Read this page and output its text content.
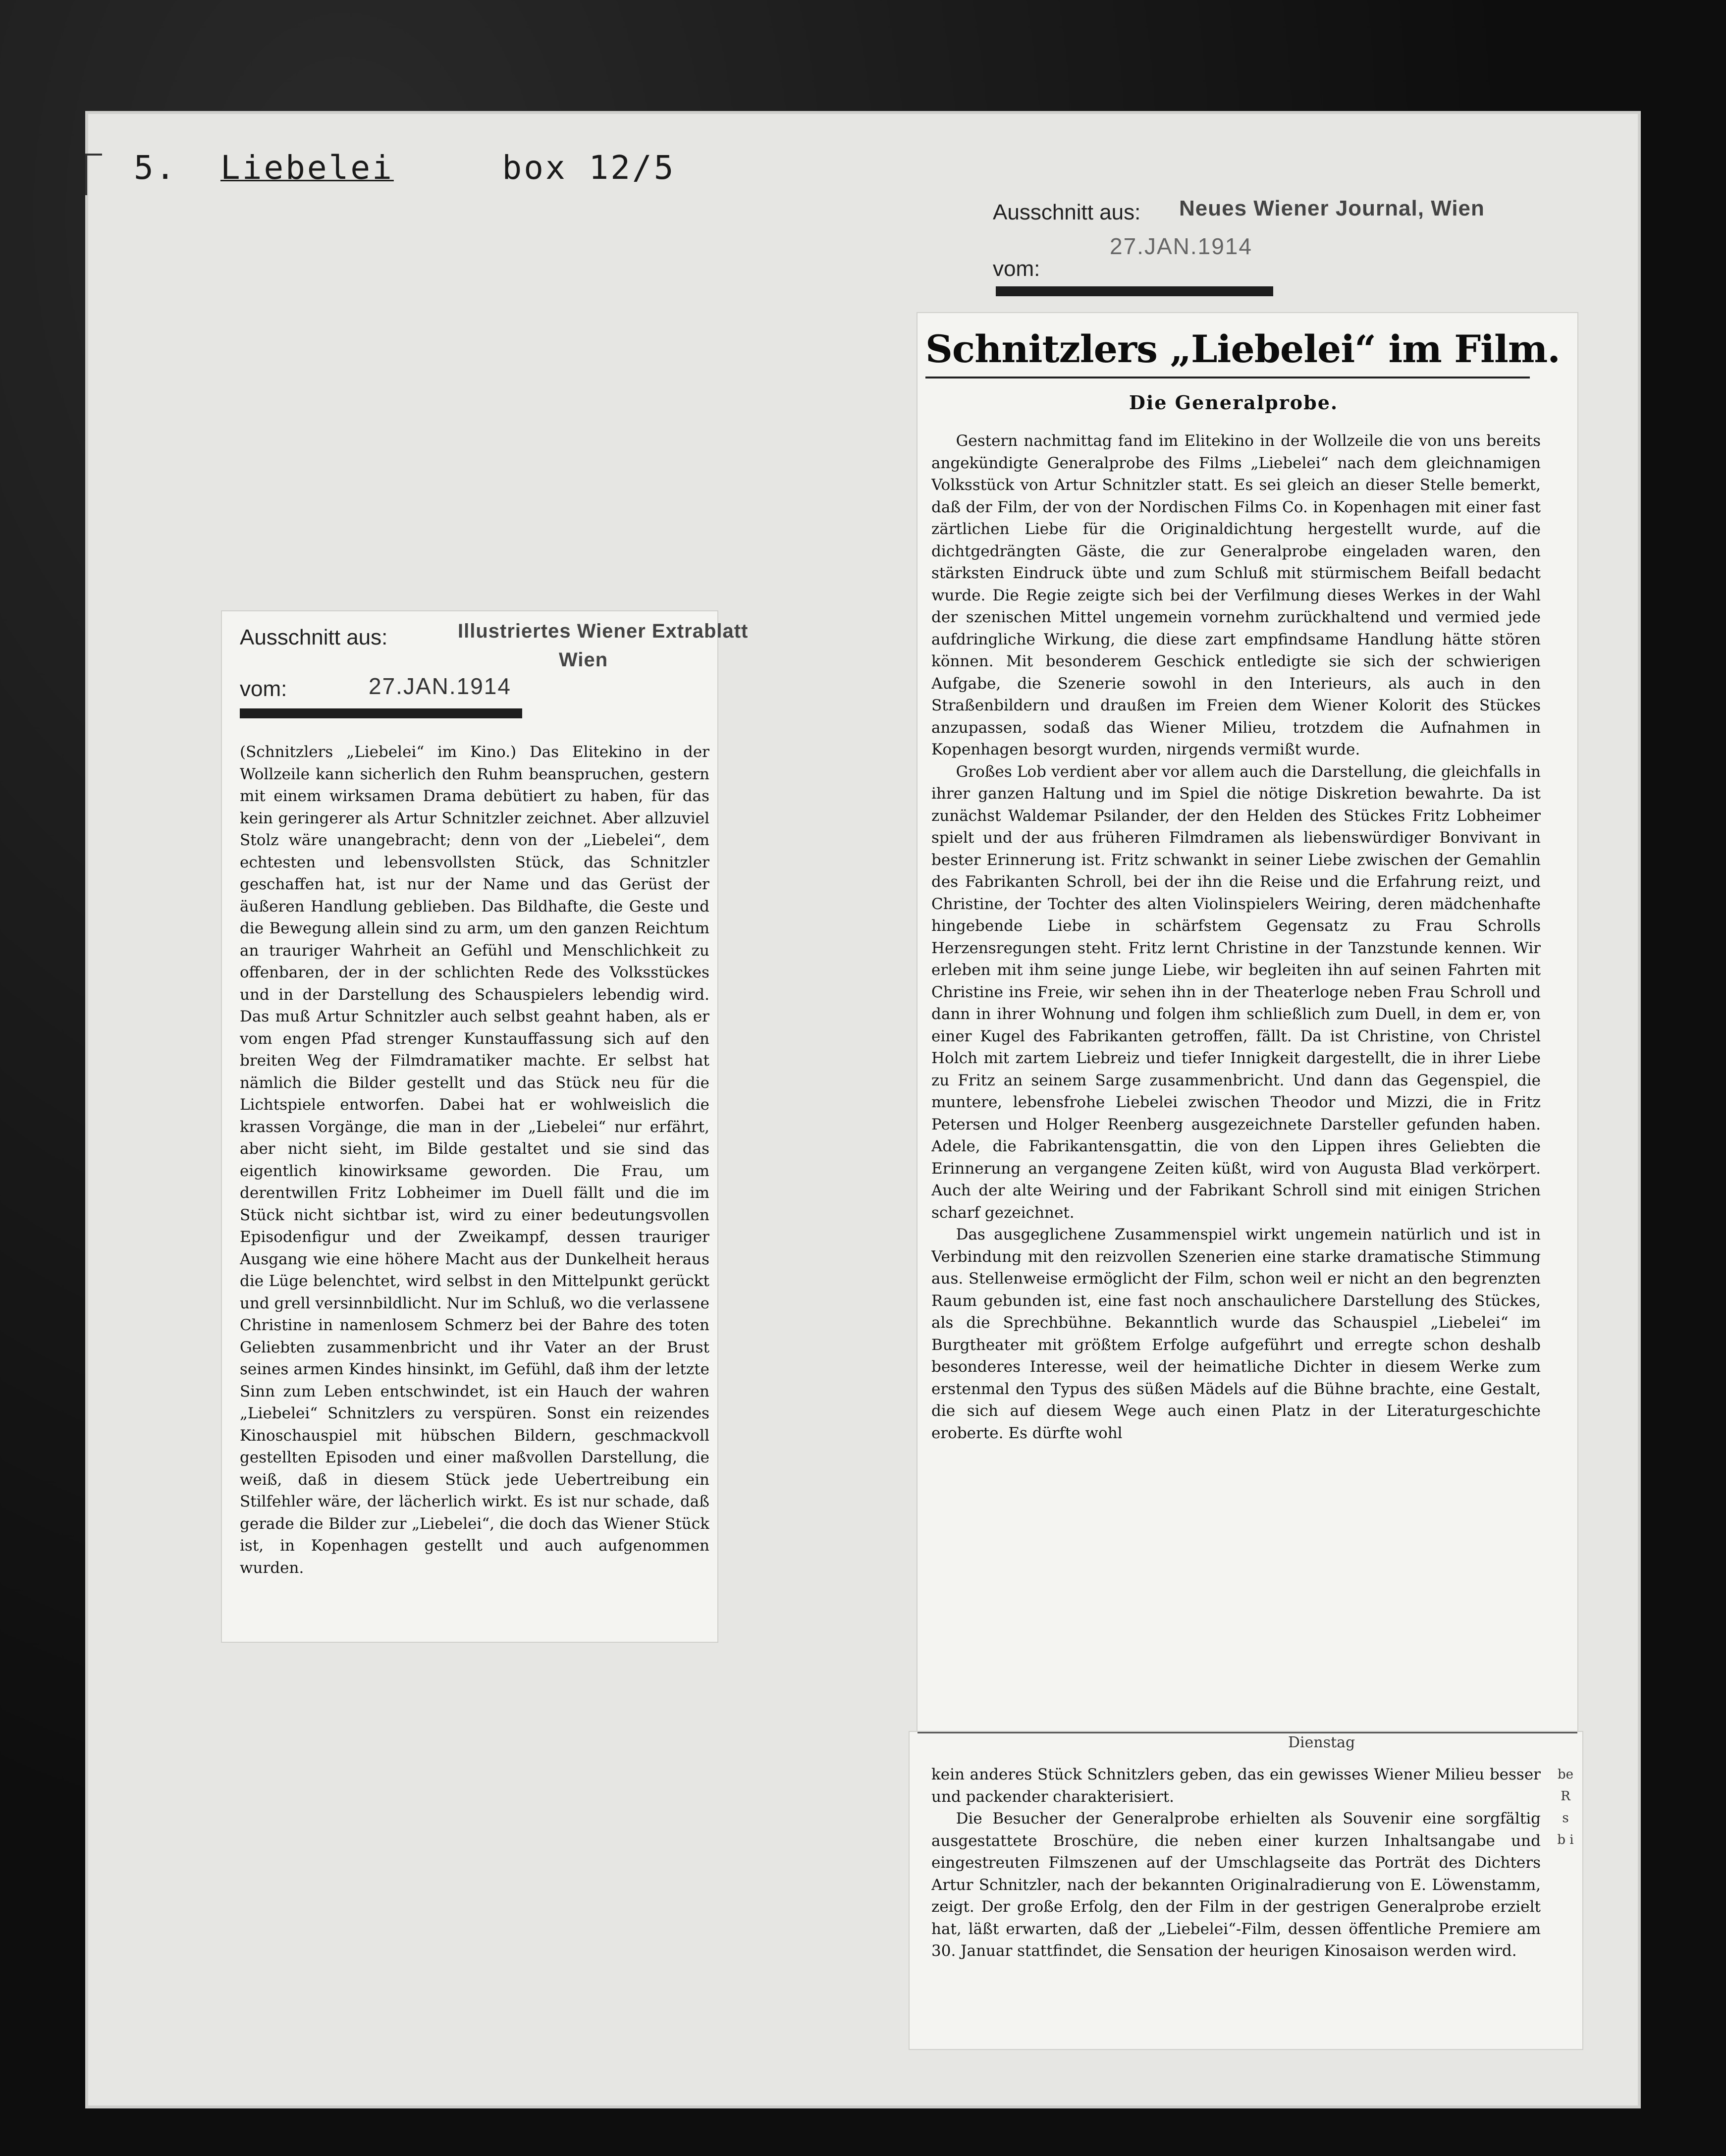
5. Liebelei	box 12/5
Ausschnitt aus:	Illustriertes Wiener Extrablatt
Wien
vom:	27.JAN.1914

(Schnitzlers „Liebelei“ im Kino.) Das Elitekino in der Wollzeile kann sicherlich den Ruhm beanspruchen, gestern mit einem wirksamen Drama debütiert zu haben, für das kein geringerer als Artur Schnitzler zeichnet. Aber allzuviel Stolz wäre unangebracht; denn von der „Liebelei“, dem echtesten und lebensvollsten Stück, das Schnitzler geschaffen hat, ist nur der Name und das Gerüst der äußeren Handlung geblieben. Das Bildhafte, die Geste und die Bewegung allein sind zu arm, um den ganzen Reichtum an trauriger Wahrheit an Gefühl und Menschlichkeit zu offenbaren, der in der schlichten Rede des Volksstückes und in der Darstellung des Schauspielers lebendig wird. Das muß Artur Schnitzler auch selbst geahnt haben, als er vom engen Pfad strenger Kunstauffassung sich auf den breiten Weg der Filmdramatiker machte. Er selbst hat nämlich die Bilder gestellt und das Stück neu für die Lichtspiele entworfen. Dabei hat er wohlweislich die krassen Vorgänge, die man in der „Liebelei“ nur erfährt, aber nicht sieht, im Bilde gestaltet und sie sind das eigentlich kinowirksame geworden. Die Frau, um derentwillen Fritz Lobheimer im Duell fällt und die im Stück nicht sichtbar ist, wird zu einer bedeutungsvollen Episodenfigur und der Zweikampf, dessen trauriger Ausgang wie eine höhere Macht aus der Dunkelheit heraus die Lüge belenchtet, wird selbst in den Mittelpunkt gerückt und grell versinnbildlicht. Nur im Schluß, wo die verlassene Christine in namenlosem Schmerz bei der Bahre des toten Geliebten zusammenbricht und ihr Vater an der Brust seines armen Kindes hinsinkt, im Gefühl, daß ihm der letzte Sinn zum Leben entschwindet, ist ein Hauch der wahren „Liebelei“ Schnitzlers zu verspüren. Sonst ein reizendes Kinoschauspiel mit hübschen Bildern, geschmackvoll gestellten Episoden und einer maßvollen Darstellung, die weiß, daß in diesem Stück jede Uebertreibung ein Stilfehler wäre, der lächerlich wirkt. Es ist nur schade, daß gerade die Bilder zur „Liebelei“, die doch das Wiener Stück ist, in Kopenhagen gestellt und auch aufgenommen wurden.

Ausschnitt aus: Neues Wiener Journal, Wien
vom:
27.JAN.1914
Schnitzlers „Liebelei“ im Film.
Die Generalprobe.

Gestern nachmittag fand im Elitekino in der Wollzeile die von uns bereits angekündigte Generalprobe des Films „Liebelei“ nach dem gleichnamigen Volksstück von Artur Schnitzler statt. Es sei gleich an dieser Stelle bemerkt, daß der Film, der von der Nordischen Films Co. in Kopenhagen mit einer fast zärtlichen Liebe für die Originaldichtung hergestellt wurde, auf die dichtgedrängten Gäste, die zur Generalprobe eingeladen waren, den stärksten Eindruck übte und zum Schluß mit stürmischem Beifall bedacht wurde. Die Regie zeigte sich bei der Verfilmung dieses Werkes in der Wahl der szenischen Mittel ungemein vornehm zurückhaltend und vermied jede aufdringliche Wirkung, die diese zart empfindsame Handlung hätte stören können. Mit besonderem Geschick entledigte sie sich der schwierigen Aufgabe, die Szenerie sowohl in den Interieurs, als auch in den Straßenbildern und draußen im Freien dem Wiener Kolorit des Stückes anzupassen, sodaß das Wiener Milieu, trotzdem die Aufnahmen in Kopenhagen besorgt wurden, nirgends vermißt wurde.

Großes Lob verdient aber vor allem auch die Darstellung, die gleichfalls in ihrer ganzen Haltung und im Spiel die nötige Diskretion bewahrte. Da ist zunächst Waldemar Psilander, der den Helden des Stückes Fritz Lobheimer spielt und der aus früheren Filmdramen als liebenswürdiger Bonvivant in bester Erinnerung ist. Fritz schwankt in seiner Liebe zwischen der Gemahlin des Fabrikanten Schroll, bei der ihn die Reise und die Erfahrung reizt, und Christine, der Tochter des alten Violinspielers Weiring, deren mädchenhafte hingebende Liebe in schärfstem Gegensatz zu Frau Schrolls Herzensregungen steht. Fritz lernt Christine in der Tanzstunde kennen. Wir erleben mit ihm seine junge Liebe, wir begleiten ihn auf seinen Fahrten mit Christine ins Freie, wir sehen ihn in der Theaterloge neben Frau Schroll und dann in ihrer Wohnung und folgen ihm schließlich zum Duell, in dem er, von einer Kugel des Fabrikanten getroffen, fällt. Da ist Christine, von Christel Holch mit zartem Liebreiz und tiefer Innigkeit dargestellt, die in ihrer Liebe zu Fritz an seinem Sarge zusammenbricht. Und dann das Gegenspiel, die muntere, lebensfrohe Liebelei zwischen Theodor und Mizzi, die in Fritz Petersen und Holger Reenberg ausgezeichnete Darsteller gefunden haben. Adele, die Fabrikantensgattin, die von den Lippen ihres Geliebten die Erinnerung an vergangene Zeiten küßt, wird von Augusta Blad verkörpert. Auch der alte Weiring und der Fabrikant Schroll sind mit einigen Strichen scharf gezeichnet.

Das ausgeglichene Zusammenspiel wirkt ungemein natürlich und ist in Verbindung mit den reizvollen Szenerien eine starke dramatische Stimmung aus. Stellenweise ermöglicht der Film, schon weil er nicht an den begrenzten Raum gebunden ist, eine fast noch anschaulichere Darstellung des Stückes, als die Sprechbühne. Bekanntlich wurde das Schauspiel „Liebelei“ im Burgtheater mit größtem Erfolge aufgeführt und erregte schon deshalb besonderes Interesse, weil der heimatliche Dichter in diesem Werke zum erstenmal den Typus des süßen Mädels auf die Bühne brachte, eine Gestalt, die sich auf diesem Wege auch einen Platz in der Literaturgeschichte eroberte. Es dürfte wohl

Dienstag

kein anderes Stück Schnitzlers geben, das ein gewisses Wiener Milieu besser und packender charakterisiert.

Die Besucher der Generalprobe erhielten als Souvenir eine sorgfältig ausgestattete Broschüre, die neben einer kurzen Inhaltsangabe und eingestreuten Filmszenen auf der Umschlagseite das Porträt des Dichters Artur Schnitzler, nach der bekannten Originalradierung von E. Löwenstamm, zeigt. Der große Erfolg, den der Film in der gestrigen Generalprobe erzielt hat, läßt erwarten, daß der „Liebelei“-Film, dessen öffentliche Premiere am 30. Januar stattfindet, die Sensation der heurigen Kinosaison werden wird.

be R s b i
